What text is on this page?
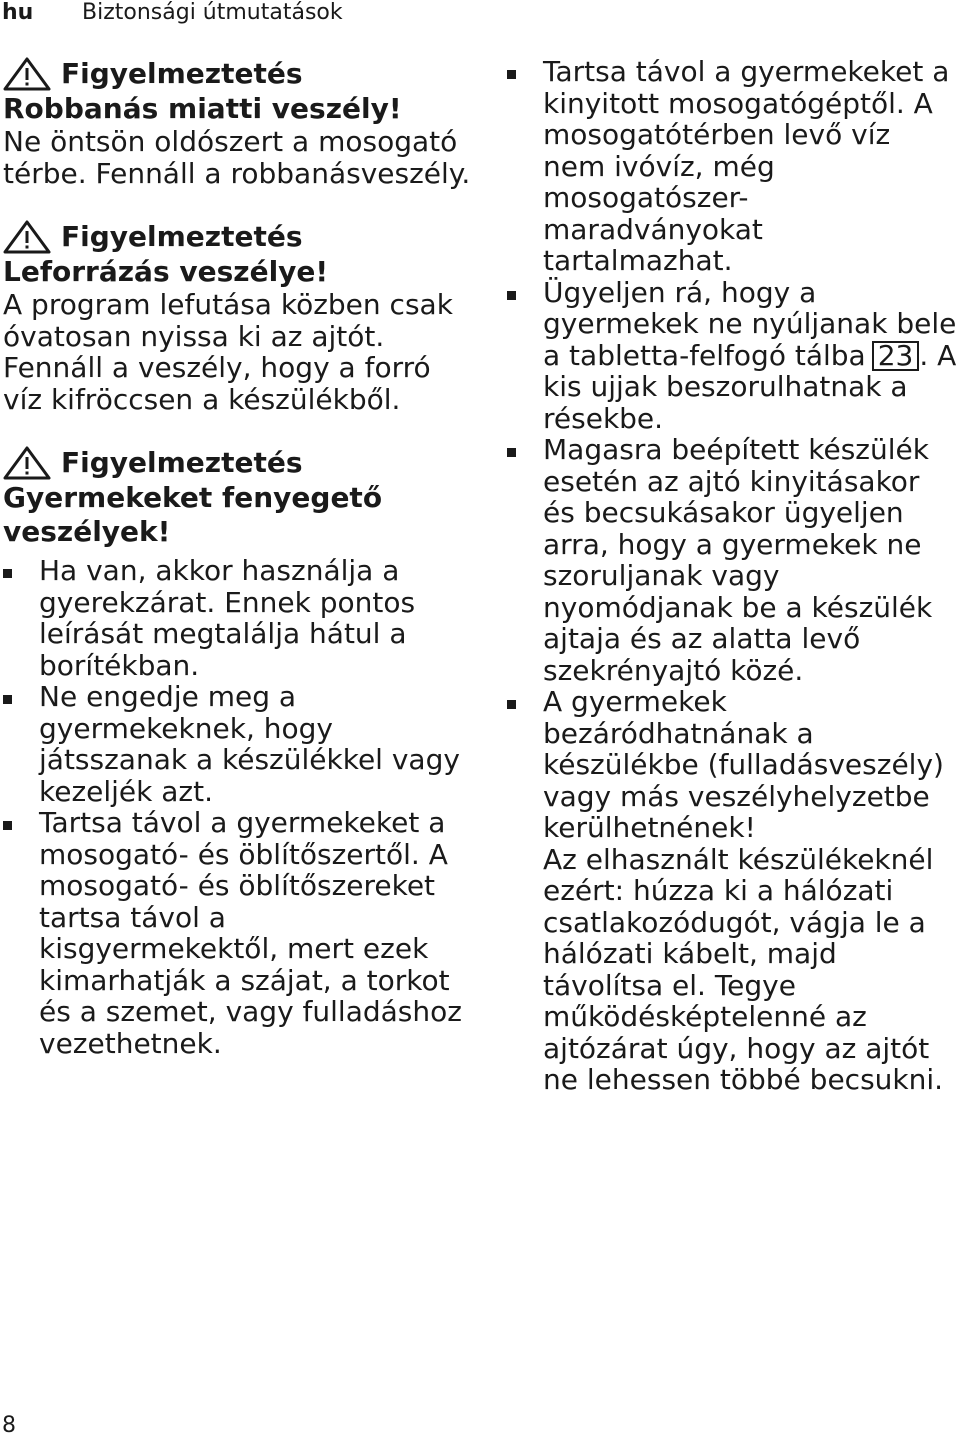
hu Biztonsági útmutatások
Figyelmeztetés
Robbanás miatti veszély!
Ne öntsön oldószert a mosogató térbe. Fennáll a robbanásveszély.
Figyelmeztetés
Leforrázás veszélye!
A program lefutása közben csak óvatosan nyissa ki az ajtót. Fennáll a veszély, hogy a forró víz kifröccsen a készülékből.
Figyelmeztetés
Gyermekeket fenyegető veszélyek!
Ha van, akkor használja a gyerekzárat. Ennek pontos leírását megtalálja hátul a borítékban.
Ne engedje meg a gyermekeknek, hogy játsszanak a készülékkel vagy kezeljék azt.
Tartsa távol a gyermekeket a mosogató- és öblítőszertől. A mosogató- és öblítőszereket tartsa távol a kisgyermekektől, mert ezek kimarhatják a szájat, a torkot és a szemet, vagy fulladáshoz vezethetnek.
Tartsa távol a gyermekeket a kinyitott mosogatógéptől. A mosogatótérben levő víz nem ivóvíz, még mosogatószer-maradványokat tartalmazhat.
Ügyeljen rá, hogy a gyermekek ne nyúljanak bele a tabletta-felfogó tálba 23 . A kis ujjak beszorulhatnak a résekbe.
Magasra beépített készülék esetén az ajtó kinyitásakor és becsukásakor ügyeljen arra, hogy a gyermekek ne szoruljanak vagy nyomódjanak be a készülék ajtaja és az alatta levő szekrényajtó közé.
A gyermekek bezáródhatnának a készülékbe (fulladásveszély) vagy más veszélyhelyzetbe kerülhetnének!
Az elhasznált készülékeknél ezért: húzza ki a hálózati csatlakozódugót, vágja le a hálózati kábelt, majd távolítsa el. Tegye működésképtelenné az ajtózárat úgy, hogy az ajtót ne lehessen többé becsukni.
8
